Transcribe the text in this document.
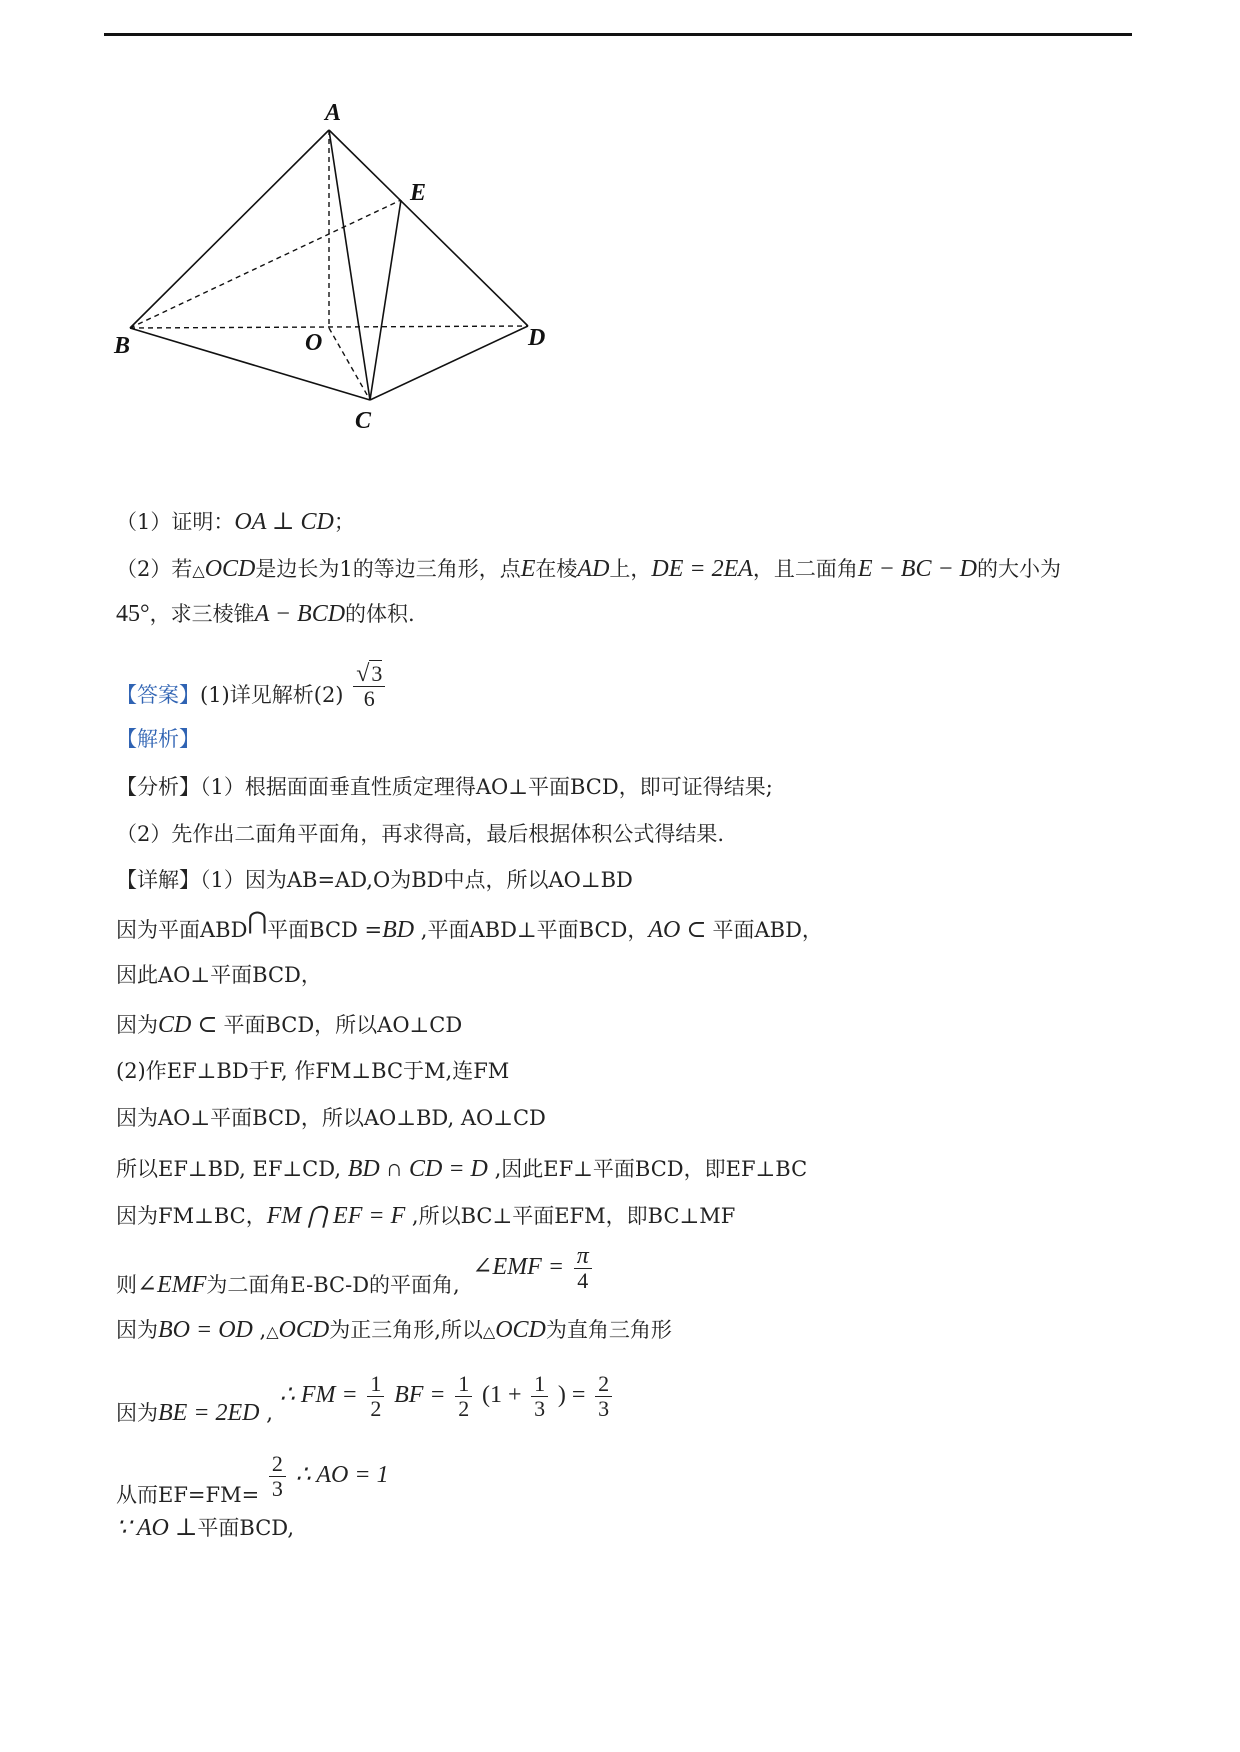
A
E
B	O	D
C
（1）证明：OA ⊥ CD；
（2）若△OCD是边长为1的等边三角形，点E在棱AD上，DE = 2EA，且二面角E − BC − D的大小为
45°，求三棱锥A − BCD的体积.
【答案】(1)详见解析$(2) \frac{√3}{6}$
【解析】
【分析】（1）根据面面垂直性质定理得AO⊥平面BCD，即可证得结果;
（2）先作出二面角平面角，再求得高，最后根据体积公式得结果.
【详解】（1）因为AB=AD,O为BD中点，所以AO⊥BD
因为平面ABD⋂平面BCD =BD ,平面ABD⊥平面BCD，AO ⊂ 平面ABD，
因此AO⊥平面BCD，
因为CD ⊂ 平面BCD，所以AO⊥CD
(2)作EF⊥BD于F, 作FM⊥BC于M,连FM
因为AO⊥平面BCD，所以AO⊥BD, AO⊥CD
所以EF⊥BD, EF⊥CD, BD ∩ CD = D ,因此EF⊥平面BCD，即EF⊥BC
因为FM⊥BC，FM ⋂ EF = F ,所以BC⊥平面EFM，即BC⊥MF
则∠EMF为二面角E-BC-D的平面角, ∠EMF = $\frac{\pi}{4}$
因为BO = OD ,△OCD为正三角形,所以△OCD为直角三角形
因为BE = 2ED , ∴ FM = $\frac{1}{2}$ BF = $\frac{1}{2} (1 + \frac{1}{3}$ ) = $\frac{2}{3}$
从而$EF=FM= \frac{2}{3}$ ∴ AO = 1
∵ AO ⊥平面BCD,
